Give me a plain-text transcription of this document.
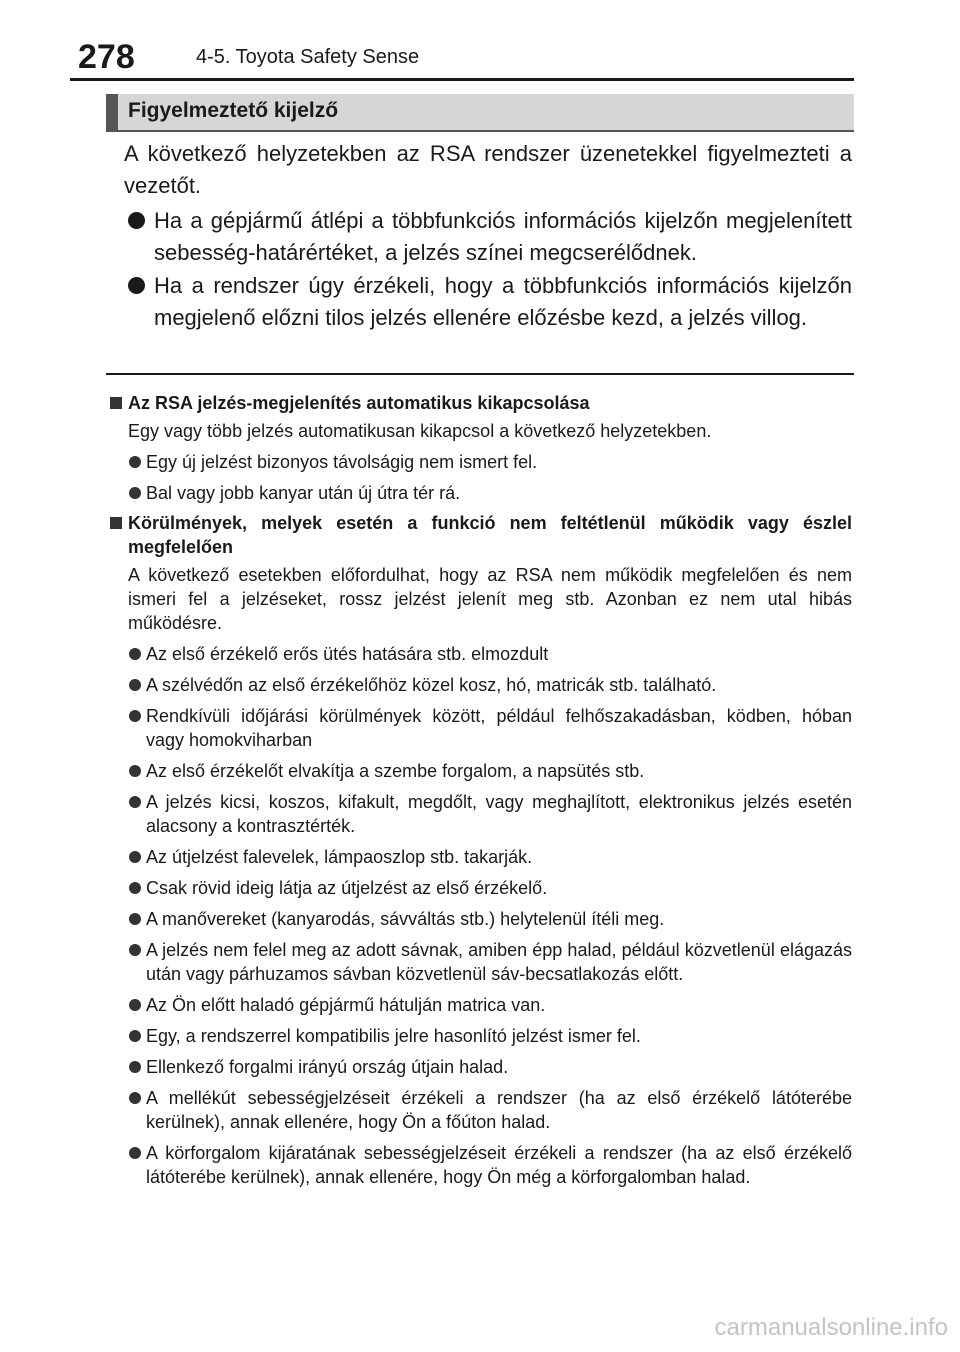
278	4-5. Toyota Safety Sense
Figyelmeztető kijelző

A következő helyzetekben az RSA rendszer üzenetekkel figyelmezteti a vezetőt.

Ha a gépjármű átlépi a többfunkciós információs kijelzőn megjelenített sebesség-határértéket, a jelzés színei megcserélődnek.
Ha a rendszer úgy érzékeli, hogy a többfunkciós információs kijelzőn megjelenő előzni tilos jelzés ellenére előzésbe kezd, a jelzés villog.
Az RSA jelzés-megjelenítés automatikus kikapcsolása
Egy vagy több jelzés automatikusan kikapcsol a következő helyzetekben.
Egy új jelzést bizonyos távolságig nem ismert fel.
Bal vagy jobb kanyar után új útra tér rá.
Körülmények, melyek esetén a funkció nem feltétlenül működik vagy észlel megfelelően
A következő esetekben előfordulhat, hogy az RSA nem működik megfelelően és nem ismeri fel a jelzéseket, rossz jelzést jelenít meg stb. Azonban ez nem utal hibás működésre.
Az első érzékelő erős ütés hatására stb. elmozdult
A szélvédőn az első érzékelőhöz közel kosz, hó, matricák stb. található.
Rendkívüli időjárási körülmények között, például felhőszakadásban, ködben, hóban vagy homokviharban
Az első érzékelőt elvakítja a szembe forgalom, a napsütés stb.
A jelzés kicsi, koszos, kifakult, megdőlt, vagy meghajlított, elektronikus jelzés esetén alacsony a kontrasztérték.
Az útjelzést falevelek, lámpaoszlop stb. takarják.
Csak rövid ideig látja az útjelzést az első érzékelő.
A manővereket (kanyarodás, sávváltás stb.) helytelenül ítéli meg.
A jelzés nem felel meg az adott sávnak, amiben épp halad, például közvetlenül elágazás után vagy párhuzamos sávban közvetlenül sáv-becsatlakozás előtt.
Az Ön előtt haladó gépjármű hátulján matrica van.
Egy, a rendszerrel kompatibilis jelre hasonlító jelzést ismer fel.
Ellenkező forgalmi irányú ország útjain halad.
A mellékút sebességjelzéseit érzékeli a rendszer (ha az első érzékelő látóterébe kerülnek), annak ellenére, hogy Ön a főúton halad.
A körforgalom kijáratának sebességjelzéseit érzékeli a rendszer (ha az első érzékelő látóterébe kerülnek), annak ellenére, hogy Ön még a körforgalomban halad.
carmanualsonline.info
